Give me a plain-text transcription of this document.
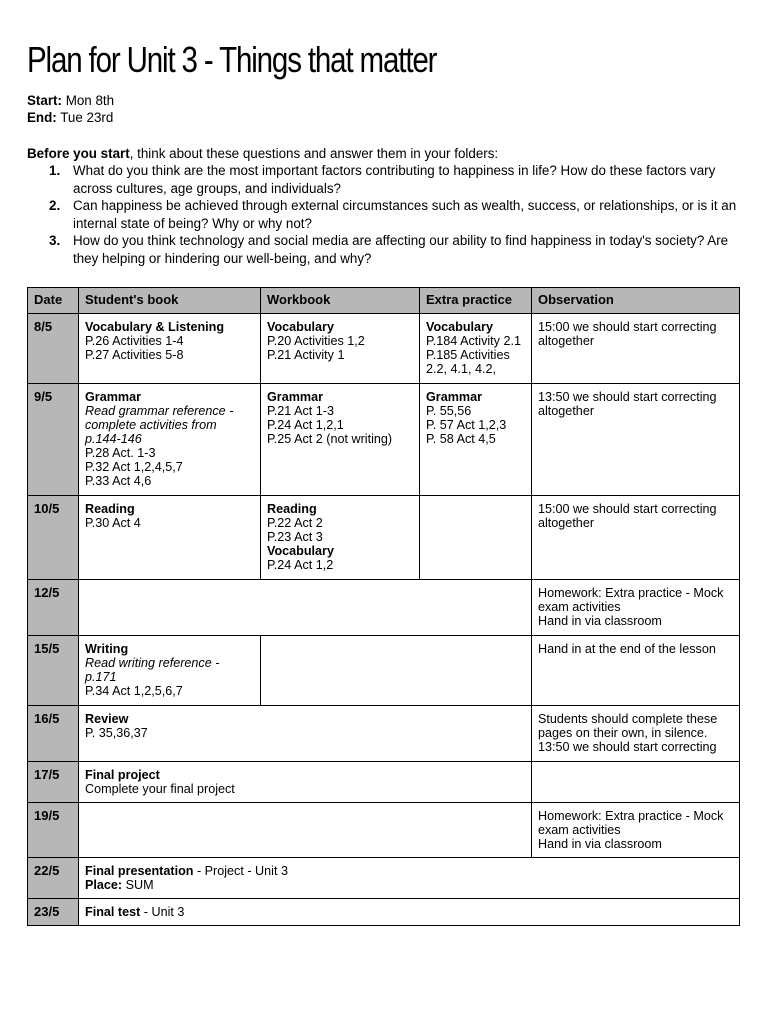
Plan for Unit 3 - Things that matter
Start: Mon 8th
End: Tue 23rd
Before you start, think about these questions and answer them in your folders:
1. What do you think are the most important factors contributing to happiness in life? How do these factors vary across cultures, age groups, and individuals?
2. Can happiness be achieved through external circumstances such as wealth, success, or relationships, or is it an internal state of being? Why or why not?
3. How do you think technology and social media are affecting our ability to find happiness in today's society? Are they helping or hindering our well-being, and why?
Date	Student's book	Workbook	Extra practice	Observation
8/5	Vocabulary & Listening
P.26 Activities 1-4
P.27 Activities 5-8	Vocabulary
P.20 Activities 1,2
P.21 Activity 1	Vocabulary
P.184 Activity 2.1
P.185 Activities 2.2, 4.1, 4.2,	15:00 we should start correcting altogether

9/5	Grammar
Read grammar reference - complete activities from p.144-146
P.28 Act. 1-3
P.32 Act 1,2,4,5,7
P.33 Act 4,6	Grammar
P.21 Act 1-3
P.24 Act 1,2,1
P.25 Act 2 (not writing)	Grammar
P. 55,56
P. 57 Act 1,2,3
P. 58 Act 4,5	13:50 we should start correcting altogether

10/5	Reading
P.30 Act 4	Reading
P.22 Act 2
P.23 Act 3
Vocabulary
P.24 Act 1,2		15:00 we should start correcting altogether

12/5				Homework: Extra practice - Mock exam activities
Hand in via classroom

15/5	Writing
Read writing reference - p.171
P.34 Act 1,2,5,6,7			Hand in at the end of the lesson

16/5	Review
P. 35,36,37			Students should complete these pages on their own, in silence.
13:50 we should start correcting

17/5	Final project
Complete your final project			

19/5				Homework: Extra practice - Mock exam activities
Hand in via classroom

22/5	Final presentation - Project - Unit 3
Place: SUM			

23/5	Final test - Unit 3			
